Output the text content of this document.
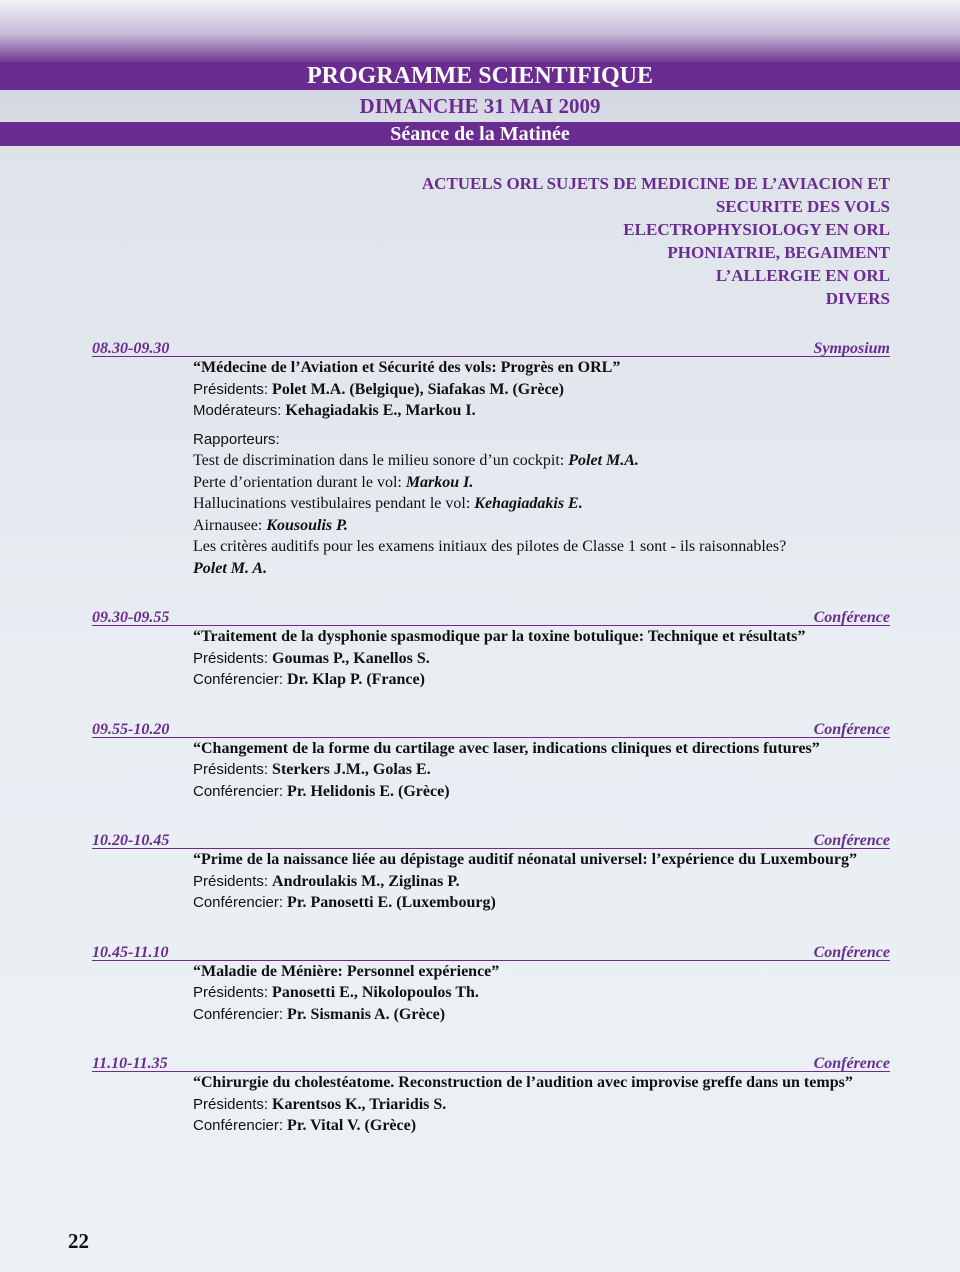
PROGRAMME SCIENTIFIQUE
DIMANCHE 31 MAI 2009
Séance de la Matinée
ACTUELS ORL SUJETS DE MEDICINE DE L’AVIACION ET
SECURITE DES VOLS
ELECTROPHYSIOLOGY EN ORL
PHONIATRIE, BEGAIMENT
L’ALLERGIE EN ORL
DIVERS
08.30-09.30	Symposium
“Médecine de l’Aviation et Sécurité des vols: Progrès en ORL”
Présidents: Polet M.A. (Belgique), Siafakas M. (Grèce)
Modérateurs: Kehagiadakis E., Markou I.
Rapporteurs:
Test de discrimination dans le milieu sonore d’un cockpit: Polet M.A.
Perte d’orientation durant le vol: Markou I.
Hallucinations vestibulaires pendant le vol: Kehagiadakis E.
Airnausee: Kousoulis P.
Les critères auditifs pour les examens initiaux des pilotes de Classe 1 sont - ils raisonnables?
Polet M. A.
09.30-09.55	Conférence
“Traitement de la dysphonie spasmodique par la toxine botulique: Technique et résultats”
Présidents: Goumas P., Kanellos S.
Conférencier: Dr. Klap P. (France)
09.55-10.20	Conférence
“Changement de la forme du cartilage avec laser, indications cliniques et directions futures”
Présidents: Sterkers J.M., Golas E.
Conférencier: Pr. Helidonis E. (Grèce)
10.20-10.45	Conférence
“Prime de la naissance liée au dépistage auditif néonatal universel: l’expérience du Luxembourg”
Présidents: Androulakis M., Ziglinas P.
Conférencier: Pr. Panosetti E. (Luxembourg)
10.45-11.10	Conférence
“Maladie de Ménière: Personnel expérience”
Présidents: Panosetti E., Nikolopoulos Th.
Conférencier: Pr. Sismanis A. (Grèce)
11.10-11.35	Conférence
“Chirurgie du cholestéatome. Reconstruction de l’audition avec improvise greffe dans un temps”
Présidents: Karentsos K., Triaridis S.
Conférencier: Pr. Vital V. (Grèce)
22
